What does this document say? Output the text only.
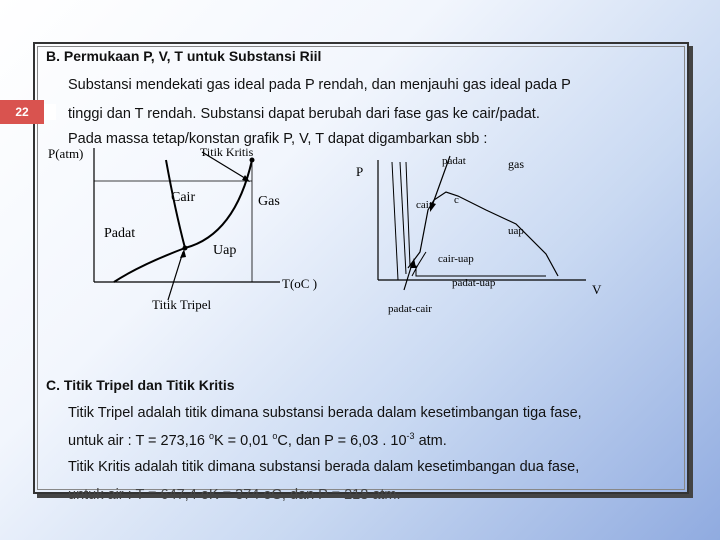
22
B. Permukaan P, V, T untuk Substansi Riil
Substansi mendekati gas ideal pada P rendah, dan menjauhi gas ideal pada P
tinggi dan T rendah. Substansi dapat berubah dari fase gas ke cair/padat.
Pada massa tetap/konstan grafik P, V, T dapat digambarkan sbb :
P(atm)	Titik Kritis
Cair	Gas
Padat
Uap
T(oC )
Titik Tripel
P
padat	gas
cair c
uap
cair-uap
padat-uap	V
padat-cair
C. Titik Tripel dan Titik Kritis
Titik Tripel adalah titik dimana substansi berada dalam kesetimbangan tiga fase,
untuk air : T = 273,16 $^o$K = 0,01 $^o$C, dan P = 6,03 . $10^{-3}$ atm.
Titik Kritis adalah titik dimana substansi berada dalam kesetimbangan dua fase,
untuk air : T = 647,4 oK = 374 oC, dan P = 218 atm.
